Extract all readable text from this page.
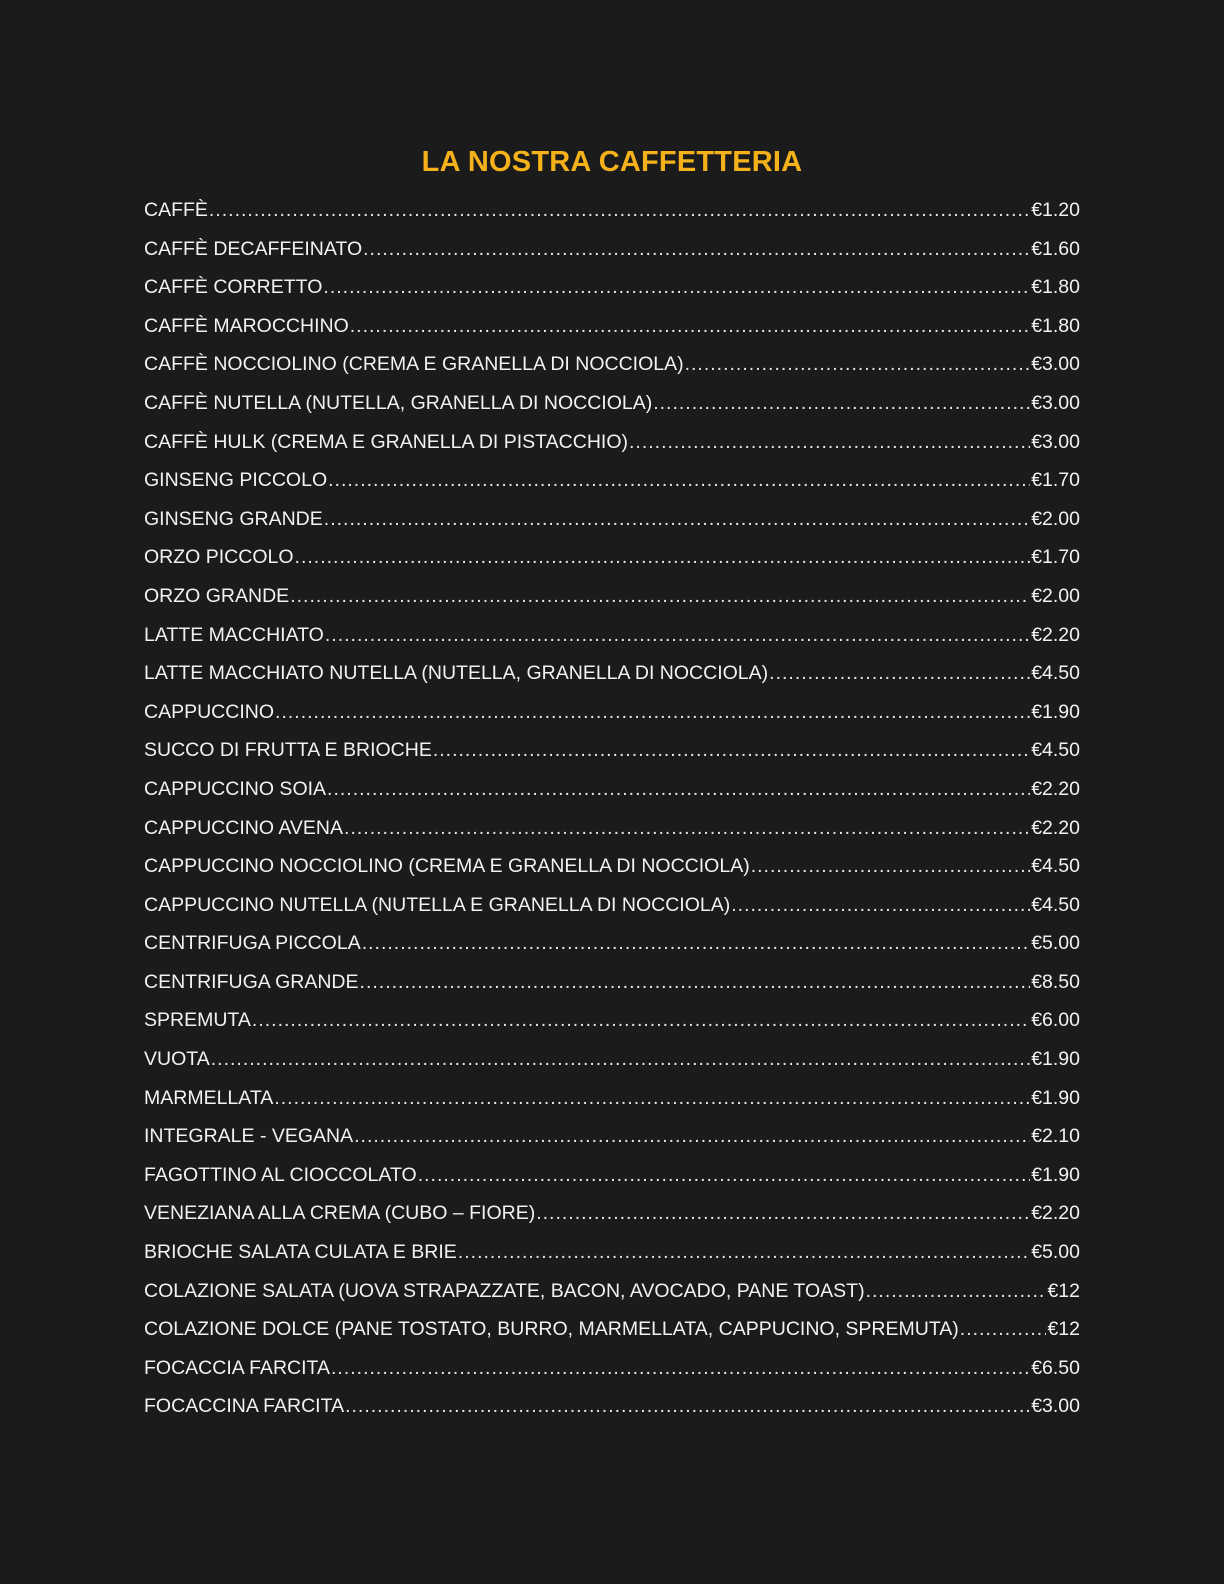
LA NOSTRA CAFFETTERIA
CAFFÈ .....	€1.20
CAFFÈ DECAFFEINATO .....	€1.60
CAFFÈ CORRETTO .....	€1.80
CAFFÈ MAROCCHINO .....	€1.80
CAFFÈ NOCCIOLINO (CREMA E GRANELLA DI NOCCIOLA) .....	€3.00
CAFFÈ NUTELLA (NUTELLA, GRANELLA DI NOCCIOLA) .....	€3.00
CAFFÈ HULK (CREMA E GRANELLA DI PISTACCHIO) .....	€3.00
GINSENG PICCOLO .....	€1.70
GINSENG GRANDE .....	€2.00
ORZO PICCOLO .....	€1.70
ORZO GRANDE .....	€2.00
LATTE MACCHIATO .....	€2.20
LATTE MACCHIATO NUTELLA (NUTELLA, GRANELLA DI NOCCIOLA) .....	€4.50
CAPPUCCINO .....	€1.90
SUCCO DI FRUTTA E BRIOCHE .....	€4.50
CAPPUCCINO SOIA .....	€2.20
CAPPUCCINO AVENA .....	€2.20
CAPPUCCINO NOCCIOLINO (CREMA E GRANELLA DI NOCCIOLA) .....	€4.50
CAPPUCCINO NUTELLA (NUTELLA E GRANELLA DI NOCCIOLA) .....	€4.50
CENTRIFUGA PICCOLA .....	€5.00
CENTRIFUGA GRANDE .....	€8.50
SPREMUTA .....	€6.00
VUOTA .....	€1.90
MARMELLATA .....	€1.90
INTEGRALE - VEGANA .....	€2.10
FAGOTTINO AL CIOCCOLATO .....	€1.90
VENEZIANA ALLA CREMA (CUBO – FIORE) .....	€2.20
BRIOCHE SALATA CULATA E BRIE .....	€5.00
COLAZIONE SALATA (UOVA STRAPAZZATE, BACON, AVOCADO, PANE TOAST) .....	€12
COLAZIONE DOLCE (PANE TOSTATO, BURRO, MARMELLATA, CAPPUCINO, SPREMUTA) .....	€12
FOCACCIA FARCITA .....	€6.50
FOCACCINA FARCITA .....	€3.00
